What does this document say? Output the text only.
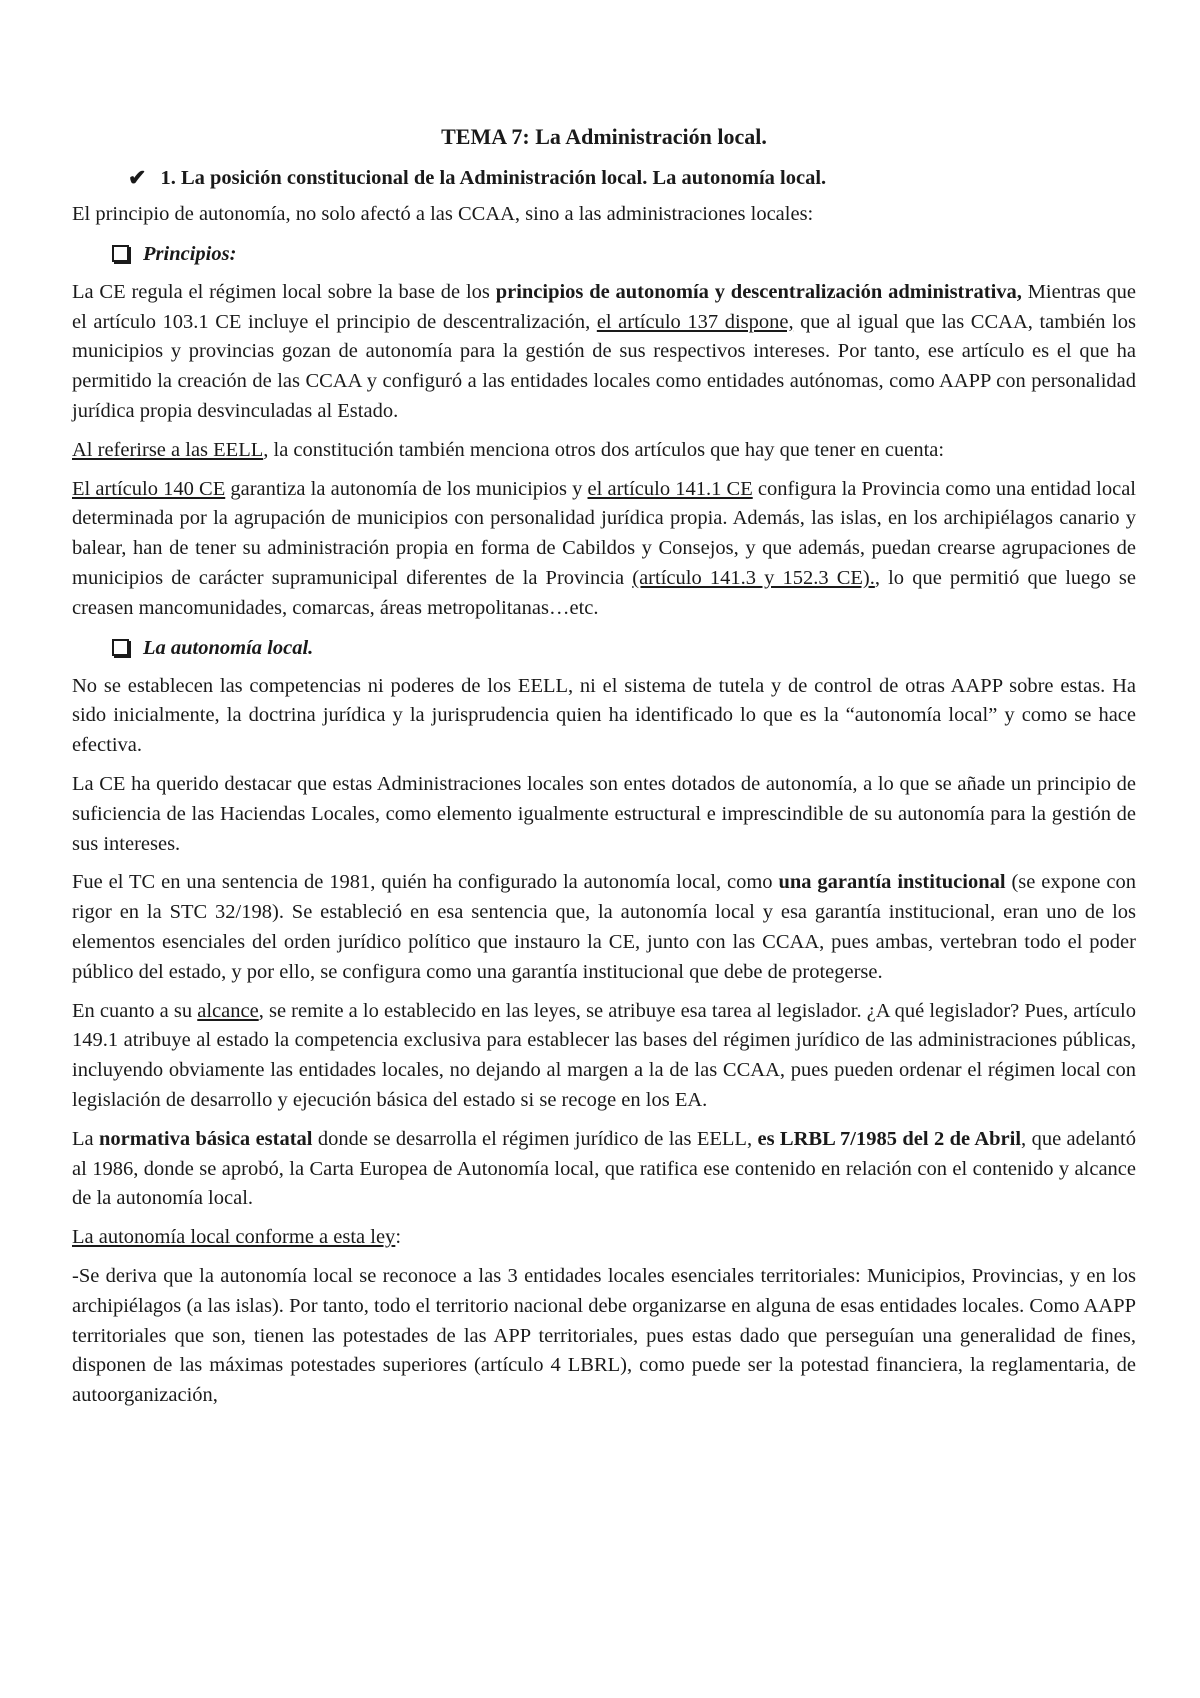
TEMA 7: La Administración local.
✔ 1. La posición constitucional de la Administración local. La autonomía local.

El principio de autonomía, no solo afectó a las CCAA, sino a las administraciones locales:

Principios:

La CE regula el régimen local sobre la base de los principios de autonomía y descentralización administrativa, Mientras que el artículo 103.1 CE incluye el principio de descentralización, el artículo 137 dispone, que al igual que las CCAA, también los municipios y provincias gozan de autonomía para la gestión de sus respectivos intereses. Por tanto, ese artículo es el que ha permitido la creación de las CCAA y configuró a las entidades locales como entidades autónomas, como AAPP con personalidad jurídica propia desvinculadas al Estado.

Al referirse a las EELL, la constitución también menciona otros dos artículos que hay que tener en cuenta:

El artículo 140 CE garantiza la autonomía de los municipios y el artículo 141.1 CE configura la Provincia como una entidad local determinada por la agrupación de municipios con personalidad jurídica propia. Además, las islas, en los archipiélagos canario y balear, han de tener su administración propia en forma de Cabildos y Consejos, y que además, puedan crearse agrupaciones de municipios de carácter supramunicipal diferentes de la Provincia (artículo 141.3 y 152.3 CE)., lo que permitió que luego se creasen mancomunidades, comarcas, áreas metropolitanas…etc.

La autonomía local.

No se establecen las competencias ni poderes de los EELL, ni el sistema de tutela y de control de otras AAPP sobre estas. Ha sido inicialmente, la doctrina jurídica y la jurisprudencia quien ha identificado lo que es la “autonomía local” y como se hace efectiva.

La CE ha querido destacar que estas Administraciones locales son entes dotados de autonomía, a lo que se añade un principio de suficiencia de las Haciendas Locales, como elemento igualmente estructural e imprescindible de su autonomía para la gestión de sus intereses.

Fue el TC en una sentencia de 1981, quién ha configurado la autonomía local, como una garantía institucional (se expone con rigor en la STC 32/198). Se estableció en esa sentencia que, la autonomía local y esa garantía institucional, eran uno de los elementos esenciales del orden jurídico político que instauro la CE, junto con las CCAA, pues ambas, vertebran todo el poder público del estado, y por ello, se configura como una garantía institucional que debe de protegerse.

En cuanto a su alcance, se remite a lo establecido en las leyes, se atribuye esa tarea al legislador. ¿A qué legislador? Pues, artículo 149.1 atribuye al estado la competencia exclusiva para establecer las bases del régimen jurídico de las administraciones públicas, incluyendo obviamente las entidades locales, no dejando al margen a la de las CCAA, pues pueden ordenar el régimen local con legislación de desarrollo y ejecución básica del estado si se recoge en los EA.

La normativa básica estatal donde se desarrolla el régimen jurídico de las EELL, es LRBL 7/1985 del 2 de Abril, que adelantó al 1986, donde se aprobó, la Carta Europea de Autonomía local, que ratifica ese contenido en relación con el contenido y alcance de la autonomía local.

La autonomía local conforme a esta ley:

-Se deriva que la autonomía local se reconoce a las 3 entidades locales esenciales territoriales: Municipios, Provincias, y en los archipiélagos (a las islas). Por tanto, todo el territorio nacional debe organizarse en alguna de esas entidades locales. Como AAPP territoriales que son, tienen las potestades de las APP territoriales, pues estas dado que perseguían una generalidad de fines, disponen de las máximas potestades superiores (artículo 4 LBRL), como puede ser la potestad financiera, la reglamentaria, de autoorganización,
